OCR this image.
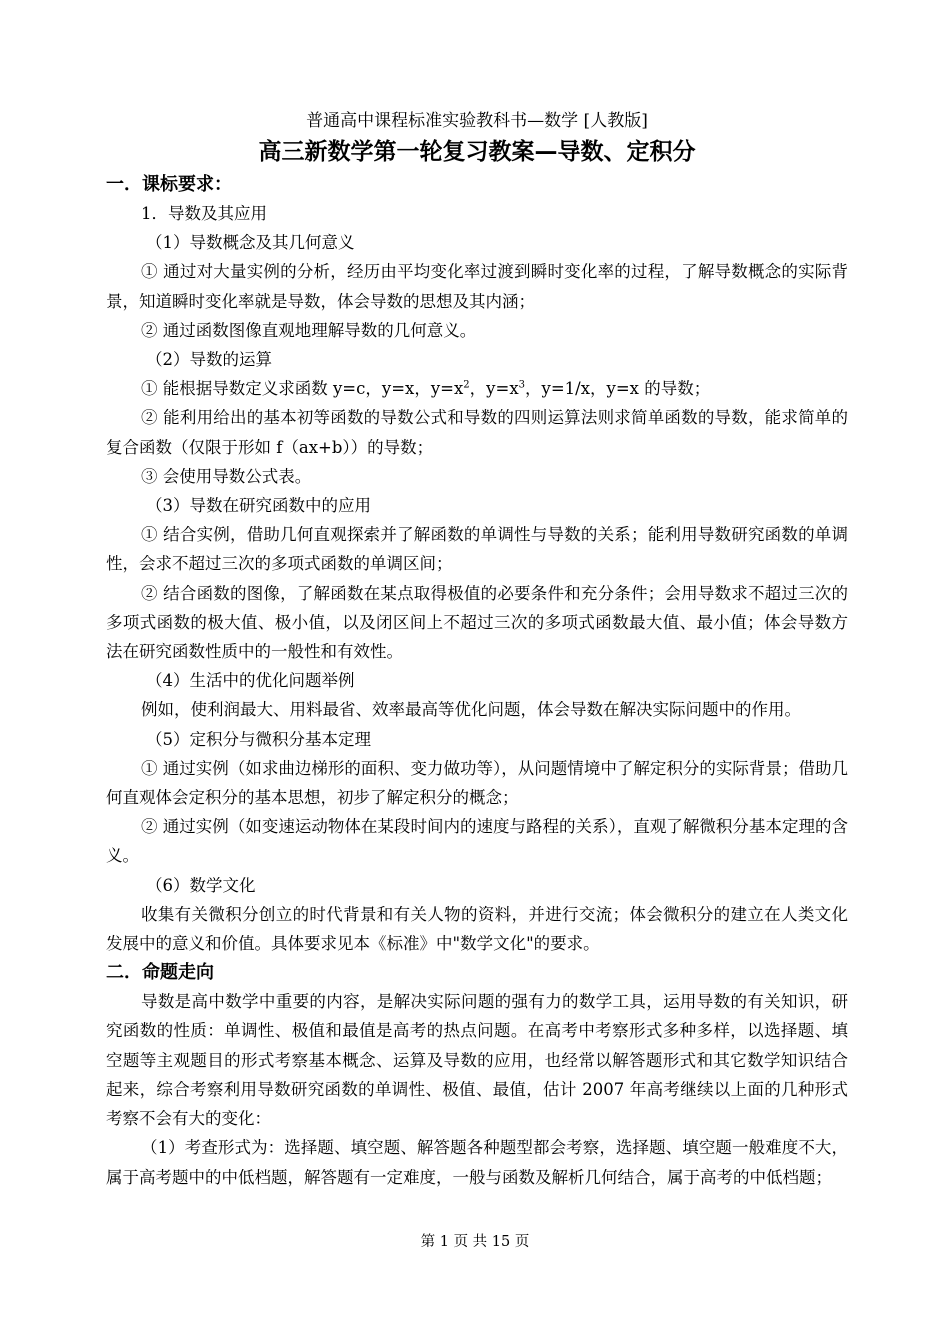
普通高中课程标准实验教科书—数学 [人教版]

高三新数学第一轮复习教案—导数、定积分

一．课标要求：

1．导数及其应用

（1）导数概念及其几何意义

① 通过对大量实例的分析，经历由平均变化率过渡到瞬时变化率的过程，了解导数概念的实际背景，知道瞬时变化率就是导数，体会导数的思想及其内涵；

② 通过函数图像直观地理解导数的几何意义。

（2）导数的运算

① 能根据导数定义求函数 y=c，y=x，$y=x^2$，$y=x^3$，y=1/x，y=x 的导数；

② 能利用给出的基本初等函数的导数公式和导数的四则运算法则求简单函数的导数，能求简单的复合函数（仅限于形如 f（ax+b））的导数；

③ 会使用导数公式表。

（3）导数在研究函数中的应用

① 结合实例，借助几何直观探索并了解函数的单调性与导数的关系；能利用导数研究函数的单调性，会求不超过三次的多项式函数的单调区间；

② 结合函数的图像，了解函数在某点取得极值的必要条件和充分条件；会用导数求不超过三次的多项式函数的极大值、极小值，以及闭区间上不超过三次的多项式函数最大值、最小值；体会导数方法在研究函数性质中的一般性和有效性。

（4）生活中的优化问题举例

例如，使利润最大、用料最省、效率最高等优化问题，体会导数在解决实际问题中的作用。

（5）定积分与微积分基本定理

① 通过实例（如求曲边梯形的面积、变力做功等），从问题情境中了解定积分的实际背景；借助几何直观体会定积分的基本思想，初步了解定积分的概念；

② 通过实例（如变速运动物体在某段时间内的速度与路程的关系），直观了解微积分基本定理的含义。

（6）数学文化

收集有关微积分创立的时代背景和有关人物的资料，并进行交流；体会微积分的建立在人类文化发展中的意义和价值。具体要求见本《标准》中"数学文化"的要求。

二．命题走向

导数是高中数学中重要的内容，是解决实际问题的强有力的数学工具，运用导数的有关知识，研究函数的性质：单调性、极值和最值是高考的热点问题。在高考中考察形式多种多样，以选择题、填空题等主观题目的形式考察基本概念、运算及导数的应用，也经常以解答题形式和其它数学知识结合起来，综合考察利用导数研究函数的单调性、极值、最值，估计 2007 年高考继续以上面的几种形式考察不会有大的变化：

（1）考查形式为：选择题、填空题、解答题各种题型都会考察，选择题、填空题一般难度不大，属于高考题中的中低档题，解答题有一定难度，一般与函数及解析几何结合，属于高考的中低档题；

第 1 页 共 15 页
